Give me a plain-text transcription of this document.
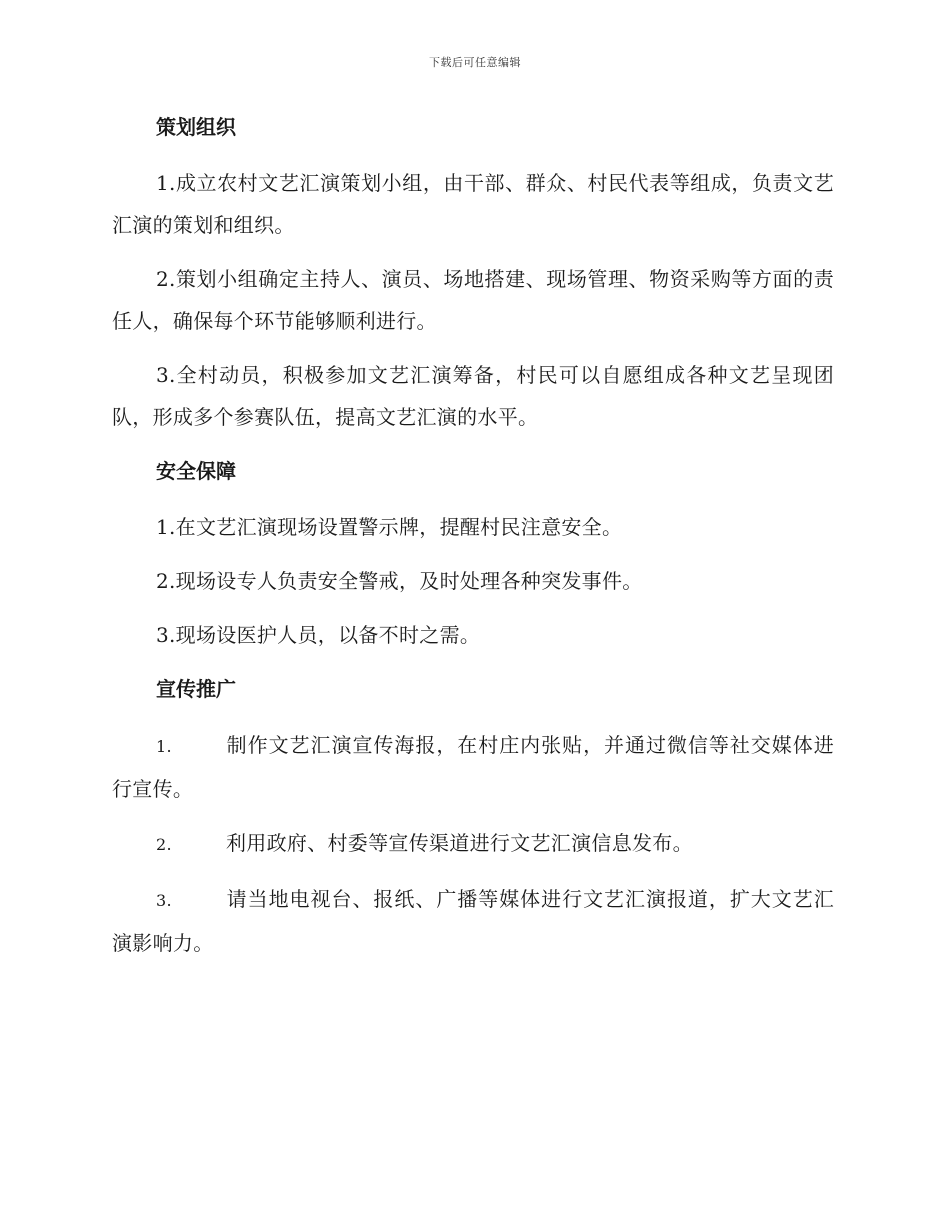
下载后可任意编辑
策划组织

1.成立农村文艺汇演策划小组，由干部、群众、村民代表等组成，负责文艺汇演的策划和组织。

2.策划小组确定主持人、演员、场地搭建、现场管理、物资采购等方面的责任人，确保每个环节能够顺利进行。

3.全村动员，积极参加文艺汇演筹备，村民可以自愿组成各种文艺呈现团队，形成多个参赛队伍，提高文艺汇演的水平。

安全保障

1.在文艺汇演现场设置警示牌，提醒村民注意安全。

2.现场设专人负责安全警戒，及时处理各种突发事件。

3.现场设医护人员，以备不时之需。

宣传推广

1.	制作文艺汇演宣传海报，在村庄内张贴，并通过微信等社交媒体进行宣传。

2.	利用政府、村委等宣传渠道进行文艺汇演信息发布。

3.	请当地电视台、报纸、广播等媒体进行文艺汇演报道，扩大文艺汇演影响力。
